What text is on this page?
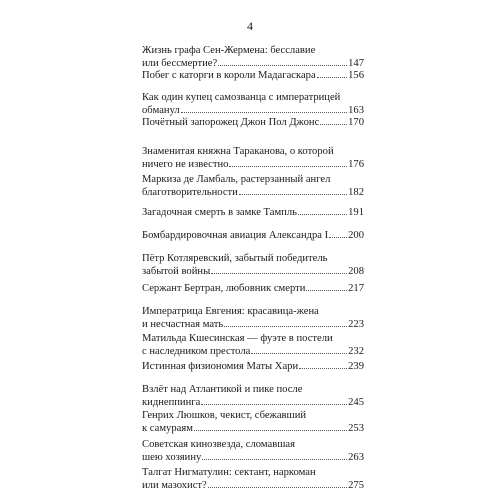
4
Жизнь графа Сен-Жермена: бесславие
или бессмертие?	147
Побег с каторги в короли Мадагаскара	156
Как один купец самозванца с императрицей
обманул	163
Почётный запорожец Джон Пол Джонс	170
Знаменитая княжна Тараканова, о которой
ничего не известно	176
Маркиза де Ламбаль, растерзанный ангел
благотворительности	182
Загадочная смерть в замке Тампль	191
Бомбардировочная авиация Александра I 200
Пётр Котляревский, забытый победитель
забытой войны	208
Сержант Бертран, любовник смерти	217
Императрица Евгения: красавица-жена
и несчастная мать	223
Матильда Кшесинская — фуэте в постели
с наследником престола	232
Истинная физиономия Маты Хари	239
Взлёт над Атлантикой и пике после
киднеппинга	245
Генрих Люшков, чекист, сбежавший
к самураям	253
Советская кинозвезда, сломавшая
шею хозяину	263
Талгат Нигматулин: сектант, наркоман
или мазохист?	275
